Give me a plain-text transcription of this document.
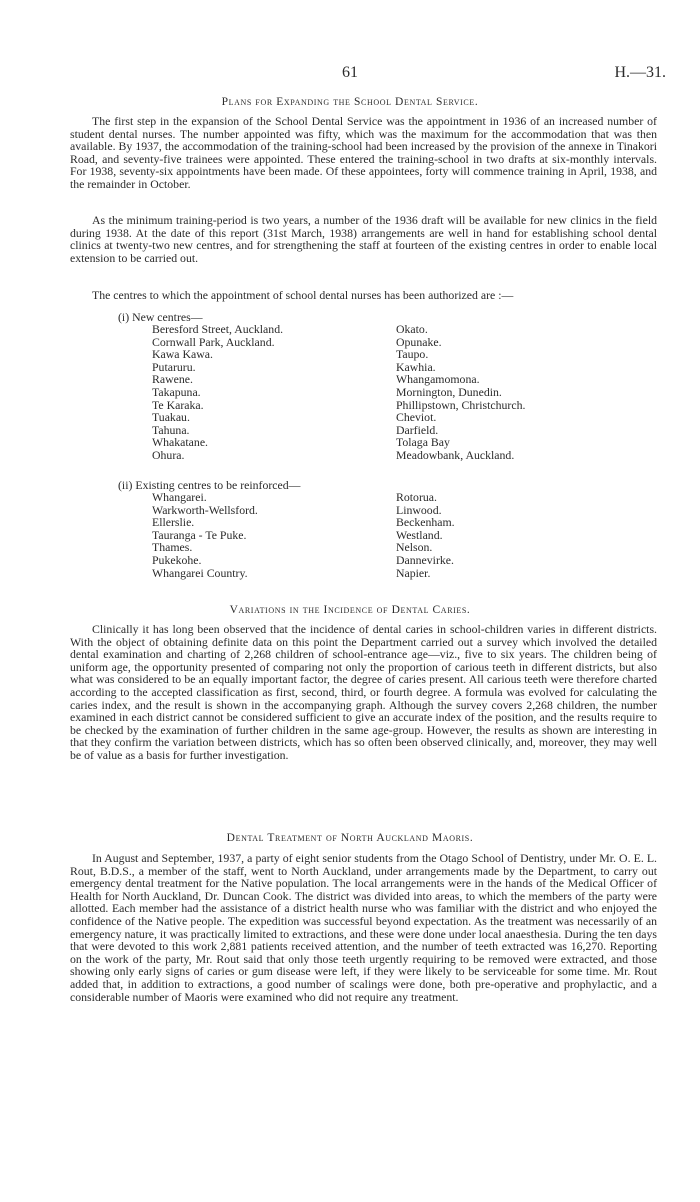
61	H.—31.
Plans for Expanding the School Dental Service.

The first step in the expansion of the School Dental Service was the appointment in 1936 of an increased number of student dental nurses. The number appointed was fifty, which was the maximum for the accommodation that was then available. By 1937, the accommodation of the training-school had been increased by the provision of the annexe in Tinakori Road, and seventy-five trainees were appointed. These entered the training-school in two drafts at six-monthly intervals. For 1938, seventy-six appointments have been made. Of these appointees, forty will commence training in April, 1938, and the remainder in October.

As the minimum training-period is two years, a number of the 1936 draft will be available for new clinics in the field during 1938. At the date of this report (31st March, 1938) arrangements are well in hand for establishing school dental clinics at twenty-two new centres, and for strengthening the staff at fourteen of the existing centres in order to enable local extension to be carried out.

The centres to which the appointment of school dental nurses has been authorized are :—

(i) New centres—
Beresford Street, Auckland.
Cornwall Park, Auckland.
Kawa Kawa.
Putaruru.
Rawene.
Takapuna.
Te Karaka.
Tuakau.
Tahuna.
Whakatane.
Ohura.
Okato.
Opunake.
Taupo.
Kawhia.
Whangamomona.
Mornington, Dunedin.
Phillipstown, Christchurch.
Cheviot.
Darfield.
Tolaga Bay
Meadowbank, Auckland.
(ii) Existing centres to be reinforced—
Whangarei.
Warkworth-Wellsford.
Ellerslie.
Tauranga - Te Puke.
Thames.
Pukekohe.
Whangarei Country.
Rotorua.
Linwood.
Beckenham.
Westland.
Nelson.
Dannevirke.
Napier.
Variations in the Incidence of Dental Caries.

Clinically it has long been observed that the incidence of dental caries in school-children varies in different districts. With the object of obtaining definite data on this point the Department carried out a survey which involved the detailed dental examination and charting of 2,268 children of school-entrance age—viz., five to six years. The children being of uniform age, the opportunity presented of comparing not only the proportion of carious teeth in different districts, but also what was considered to be an equally important factor, the degree of caries present. All carious teeth were therefore charted according to the accepted classification as first, second, third, or fourth degree. A formula was evolved for calculating the caries index, and the result is shown in the accompanying graph. Although the survey covers 2,268 children, the number examined in each district cannot be considered sufficient to give an accurate index of the position, and the results require to be checked by the examination of further children in the same age-group. However, the results as shown are interesting in that they confirm the variation between districts, which has so often been observed clinically, and, moreover, they may well be of value as a basis for further investigation.

Dental Treatment of North Auckland Maoris.

In August and September, 1937, a party of eight senior students from the Otago School of Dentistry, under Mr. O. E. L. Rout, B.D.S., a member of the staff, went to North Auckland, under arrangements made by the Department, to carry out emergency dental treatment for the Native population. The local arrangements were in the hands of the Medical Officer of Health for North Auckland, Dr. Duncan Cook. The district was divided into areas, to which the members of the party were allotted. Each member had the assistance of a district health nurse who was familiar with the district and who enjoyed the confidence of the Native people. The expedition was successful beyond expectation. As the treatment was necessarily of an emergency nature, it was practically limited to extractions, and these were done under local anaesthesia. During the ten days that were devoted to this work 2,881 patients received attention, and the number of teeth extracted was 16,270. Reporting on the work of the party, Mr. Rout said that only those teeth urgently requiring to be removed were extracted, and those showing only early signs of caries or gum disease were left, if they were likely to be serviceable for some time. Mr. Rout added that, in addition to extractions, a good number of scalings were done, both pre-operative and prophylactic, and a considerable number of Maoris were examined who did not require any treatment.
